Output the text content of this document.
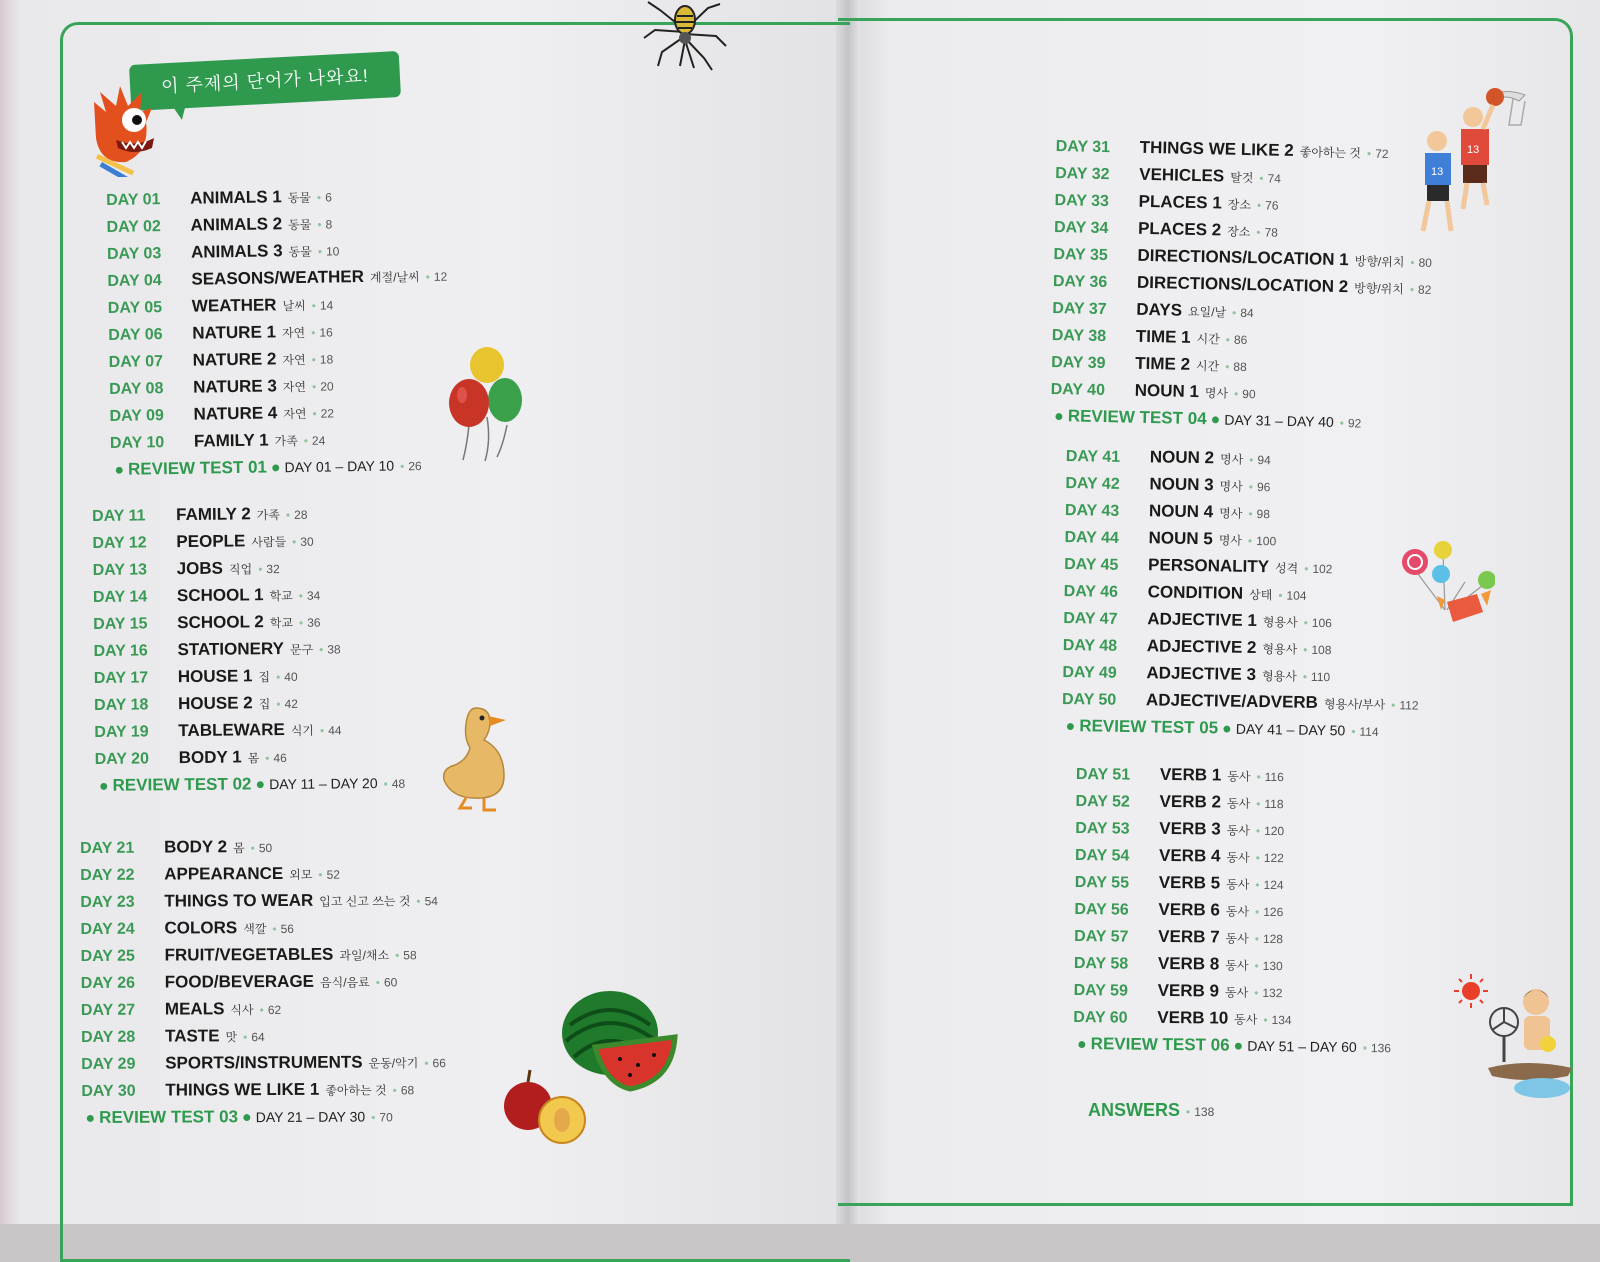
이 주제의 단어가 나와요!
13
13
DAY 01	ANIMALS 1 동물	• 6
DAY 02	ANIMALS 2 동물	• 8
DAY 03	ANIMALS 3 동물	• 10
DAY 04	SEASONS/WEATHER 계절/날씨	• 12
DAY 05	WEATHER 날씨	• 14
DAY 06	NATURE 1 자연	• 16
DAY 07	NATURE 2 자연	• 18
DAY 08	NATURE 3 자연	• 20
DAY 09	NATURE 4 자연	• 22
DAY 10	FAMILY 1 가족	• 24
● REVIEW TEST 01 ● DAY 01 – DAY 10	• 26
DAY 11	FAMILY 2 가족	• 28
DAY 12	PEOPLE 사람들	• 30
DAY 13	JOBS 직업	• 32
DAY 14	SCHOOL 1 학교	• 34
DAY 15	SCHOOL 2 학교	• 36
DAY 16	STATIONERY 문구	• 38
DAY 17	HOUSE 1 집	• 40
DAY 18	HOUSE 2 집	• 42
DAY 19	TABLEWARE 식기	• 44
DAY 20	BODY 1 몸	• 46
● REVIEW TEST 02 ● DAY 11 – DAY 20	• 48
DAY 21	BODY 2 몸	• 50
DAY 22	APPEARANCE 외모	• 52
DAY 23	THINGS TO WEAR 입고 신고 쓰는 것	• 54
DAY 24	COLORS 색깔	• 56
DAY 25	FRUIT/VEGETABLES 과일/채소	• 58
DAY 26	FOOD/BEVERAGE 음식/음료	• 60
DAY 27	MEALS 식사	• 62
DAY 28	TASTE 맛	• 64
DAY 29	SPORTS/INSTRUMENTS 운동/악기	• 66
DAY 30	THINGS WE LIKE 1 좋아하는 것	• 68
● REVIEW TEST 03 ● DAY 21 – DAY 30	• 70
DAY 31	THINGS WE LIKE 2 좋아하는 것	• 72
DAY 32	VEHICLES 탈것	• 74
DAY 33	PLACES 1 장소	• 76
DAY 34	PLACES 2 장소	• 78
DAY 35	DIRECTIONS/LOCATION 1 방향/위치	• 80
DAY 36	DIRECTIONS/LOCATION 2 방향/위치	• 82
DAY 37	DAYS 요일/날	• 84
DAY 38	TIME 1 시간	• 86
DAY 39	TIME 2 시간	• 88
DAY 40	NOUN 1 명사	• 90
● REVIEW TEST 04 ● DAY 31 – DAY 40	• 92
DAY 41	NOUN 2 명사	• 94
DAY 42	NOUN 3 명사	• 96
DAY 43	NOUN 4 명사	• 98
DAY 44	NOUN 5 명사	• 100
DAY 45	PERSONALITY 성격	• 102
DAY 46	CONDITION 상태	• 104
DAY 47	ADJECTIVE 1 형용사	• 106
DAY 48	ADJECTIVE 2 형용사	• 108
DAY 49	ADJECTIVE 3 형용사	• 110
DAY 50	ADJECTIVE/ADVERB 형용사/부사	• 112
● REVIEW TEST 05 ● DAY 41 – DAY 50	• 114
DAY 51	VERB 1 동사	• 116
DAY 52	VERB 2 동사	• 118
DAY 53	VERB 3 동사	• 120
DAY 54	VERB 4 동사	• 122
DAY 55	VERB 5 동사	• 124
DAY 56	VERB 6 동사	• 126
DAY 57	VERB 7 동사	• 128
DAY 58	VERB 8 동사	• 130
DAY 59	VERB 9 동사	• 132
DAY 60	VERB 10 동사	• 134
● REVIEW TEST 06 ● DAY 51 – DAY 60	• 136
ANSWERS	• 138
